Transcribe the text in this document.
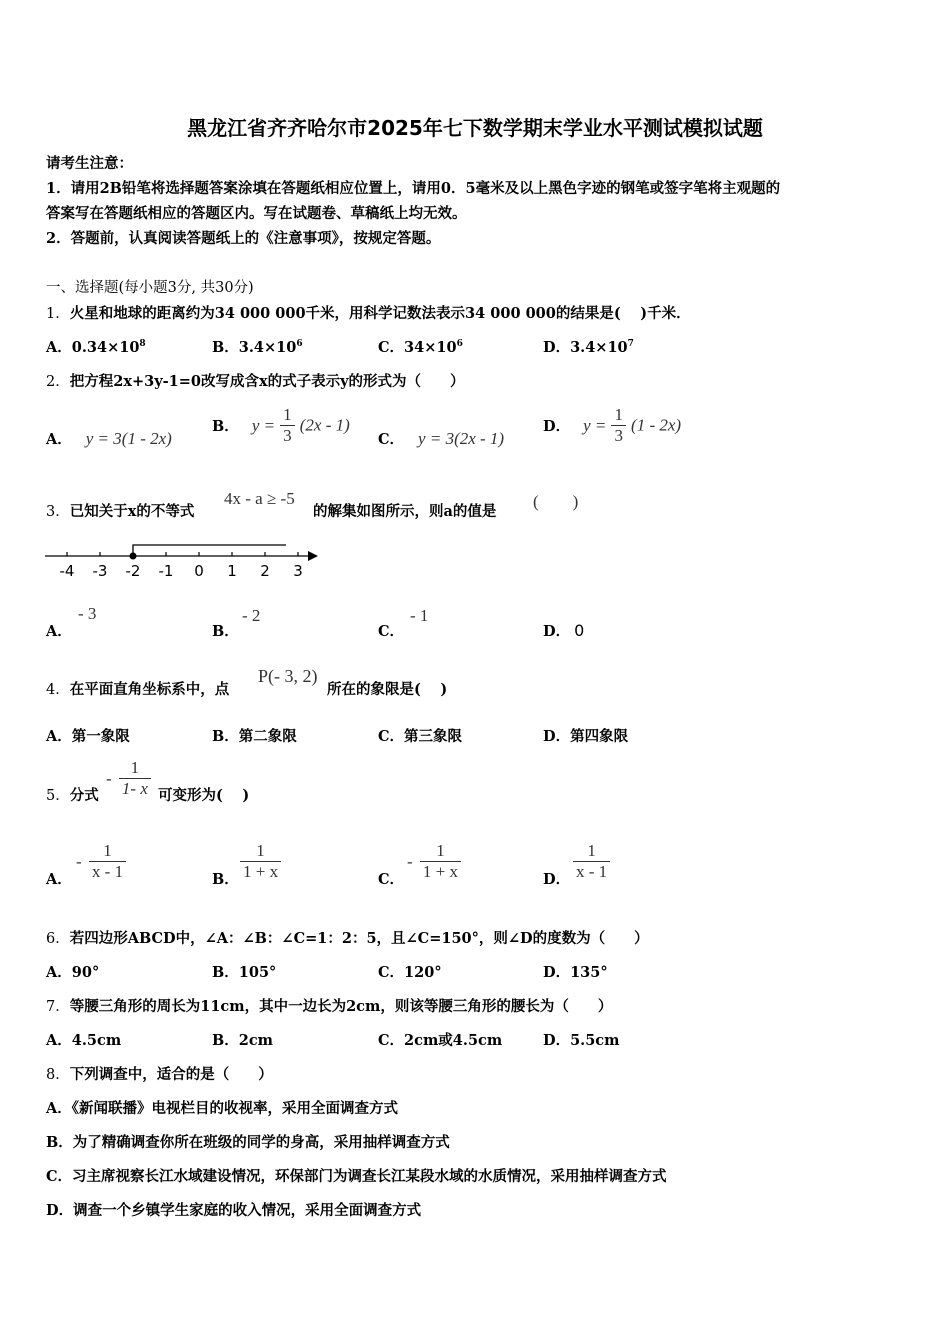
黑龙江省齐齐哈尔市2025年七下数学期末学业水平测试模拟试题
请考生注意：
1．请用2B铅笔将选择题答案涂填在答题纸相应位置上，请用0．5毫米及以上黑色字迹的钢笔或签字笔将主观题的
答案写在答题纸相应的答题区内。写在试题卷、草稿纸上均无效。
2．答题前，认真阅读答题纸上的《注意事项》，按规定答题。
一、选择题(每小题3分, 共30分)
1．火星和地球的距离约为34 000 000千米，用科学记数法表示34 000 000的结果是(　 )千米．
A．$0.34\times 10^8$	B．$3.4\times 10^6$	C．$34\times 10^6$	D．$3.4\times 10^7$
2．把方程2x+3y-1=0改写成含x的式子表示y的形式为（　　）
A． y = 3(1 - 2x)
B． $y = \frac{1}{3} (2x - 1)$
C． y = 3(2x - 1)
D． $y = \frac{1}{3} (1 - 2x)$
3．已知关于x的不等式
4x - a ≥ -5
的解集如图所示，则a的值是
(　　)
-4 -3 -2 -1 0 1 2 3
A．
- 3
B．
- 2
C．
- 1
D． 0
4．在平面直角坐标系中，点
P(- 3, 2)
所在的象限是(　 )
A．第一象限	B．第二象限	C．第三象限	D．第四象限
5．分式
- $\frac{1}{1- x}$ 可变形为(　 )
A．
- $\frac{1}{x - 1}$	B． $\frac{1}{1 + x}$	C．
- $\frac{1}{1 + x}$	D． $\frac{1}{x - 1}$
6．若四边形ABCD中，∠A：∠B：∠C=1：2：5，且∠C=150°，则∠D的度数为（　　）
A．90°	B．105°	C．120°	D．135°
7．等腰三角形的周长为11cm，其中一边长为2cm，则该等腰三角形的腰长为（　　）
A．4.5cm	B．2cm	C．2cm或4.5cm	D．5.5cm
8．下列调查中，适合的是（　　）
A．《新闻联播》电视栏目的收视率，采用全面调查方式
B．为了精确调查你所在班级的同学的身高，采用抽样调查方式
C．习主席视察长江水域建设情况，环保部门为调查长江某段水域的水质情况，采用抽样调查方式
D．调查一个乡镇学生家庭的收入情况，采用全面调查方式
